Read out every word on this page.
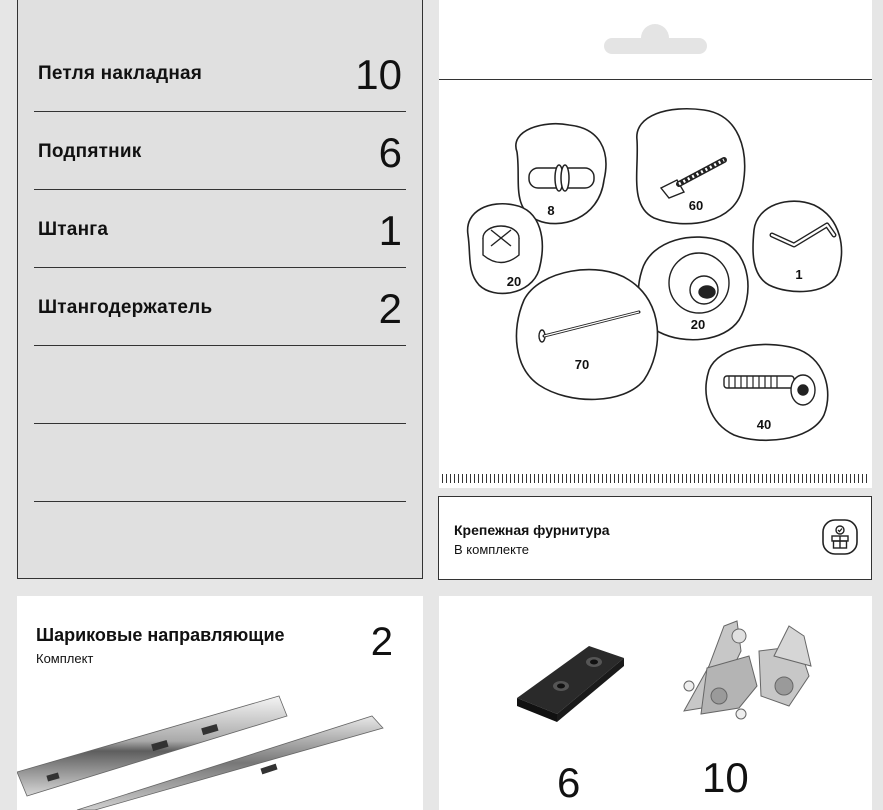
Петля накладная	10
Подпятник	6
Штанга	1
Штангодержатель	2
8	60
1
20
70
20
40
Крепежная фурнитура
В комплекте
Шариковые направляющие
Комплект	2
6	10
